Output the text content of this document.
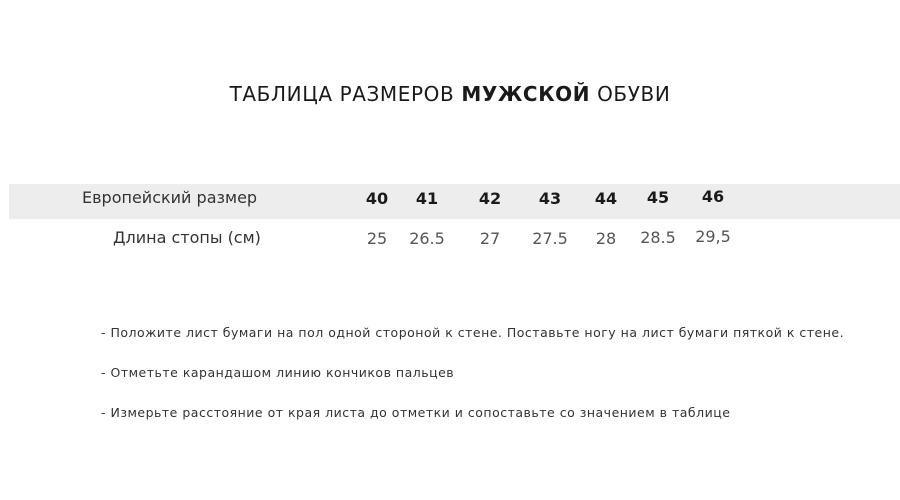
ТАБЛИЦА РАЗМЕРОВ МУЖСКОЙ ОБУВИ
Европейский размер	40	41	42	43	44	45	46
Длина стопы (см)	25	26.5	27	27.5	28	28.5	29,5
- Положите лист бумаги на пол одной стороной к стене. Поставьте ногу на лист бумаги пяткой к стене.
- Отметьте карандашом линию кончиков пальцев
- Измерьте расстояние от края листа до отметки и сопоставьте со значением в таблице
